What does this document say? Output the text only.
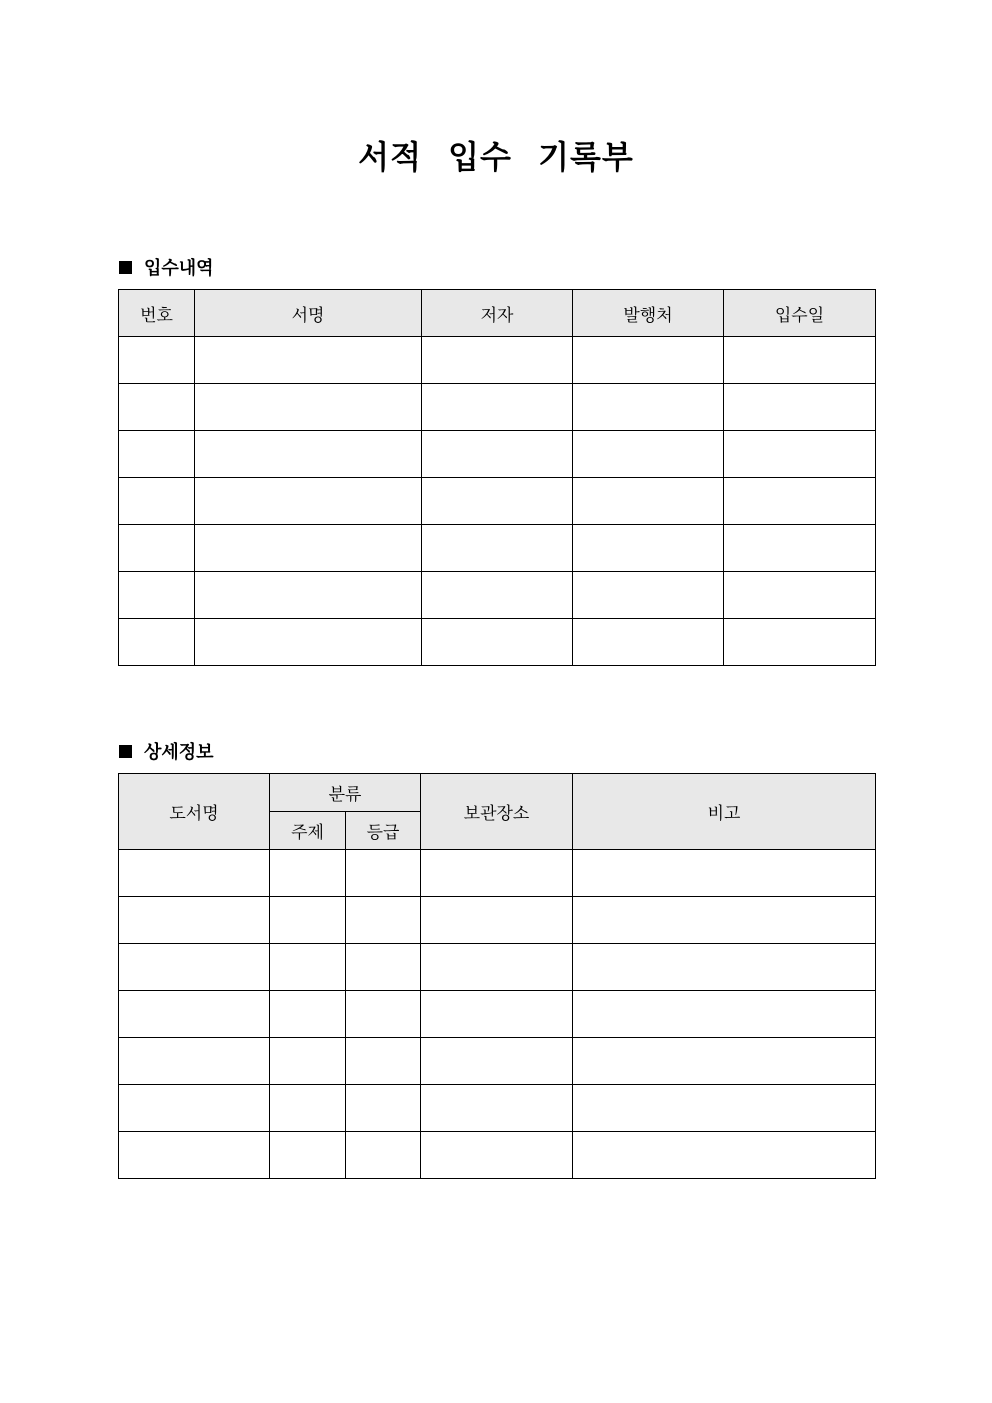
서적 입수 기록부
입수내역
번호	서명	저자	발행처	입수일

상세정보
도서명	분류		보관장소	비고
	주제	등급		
